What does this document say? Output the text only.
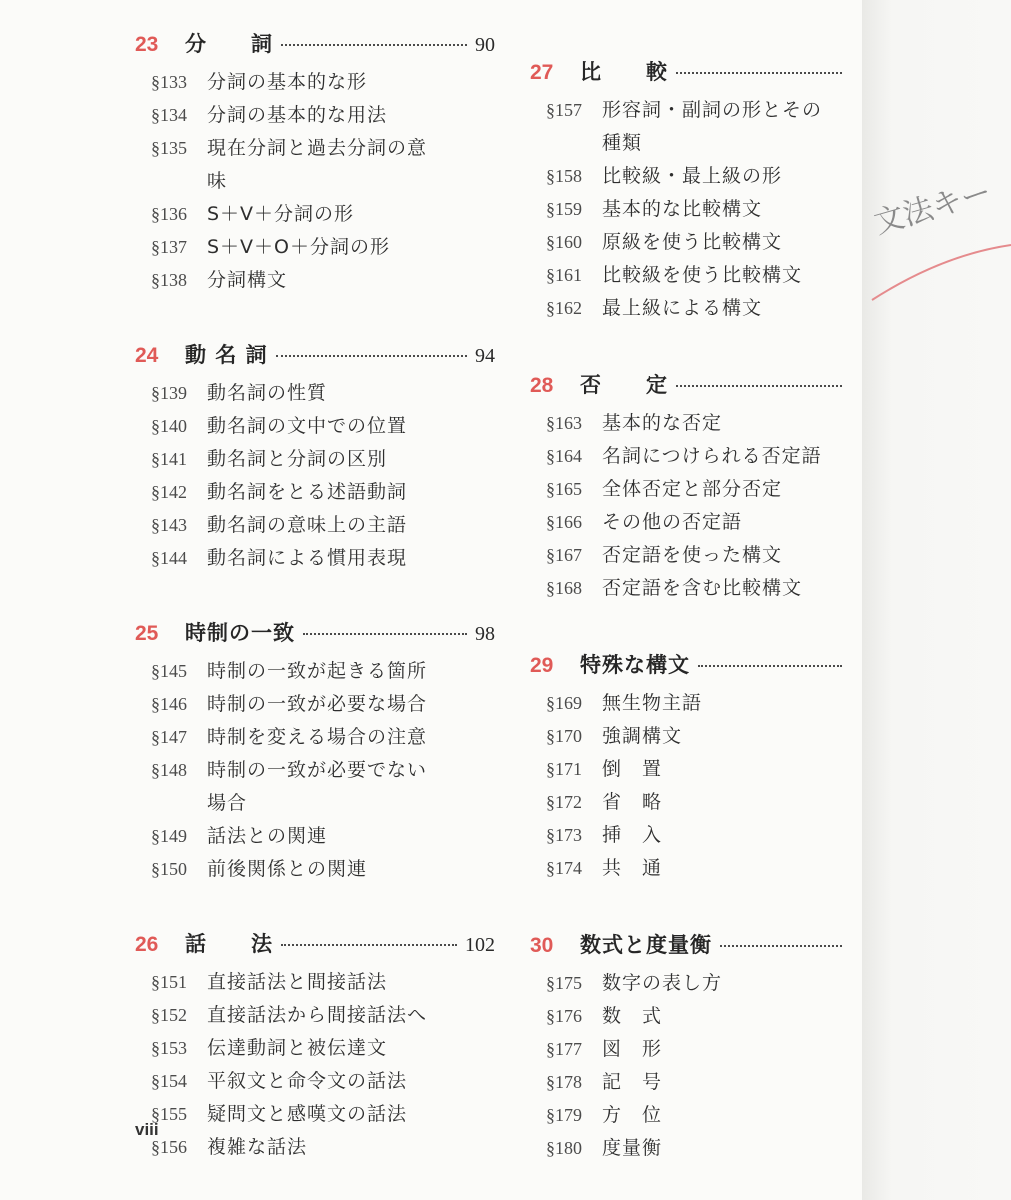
23	分　　詞	90
§133	分詞の基本的な形
§134	分詞の基本的な用法
§135	現在分詞と過去分詞の意
味
§136	S＋V＋分詞の形
§137	S＋V＋O＋分詞の形
§138	分詞構文
24	動 名 詞	94
§139	動名詞の性質
§140	動名詞の文中での位置
§141	動名詞と分詞の区別
§142	動名詞をとる述語動詞
§143	動名詞の意味上の主語
§144	動名詞による慣用表現
25	時制の一致	98
§145	時制の一致が起きる箇所
§146	時制の一致が必要な場合
§147	時制を変える場合の注意
§148	時制の一致が必要でない
場合
§149	話法との関連
§150	前後関係との関連
26	話　　法	102
§151	直接話法と間接話法
§152	直接話法から間接話法へ
§153	伝達動詞と被伝達文
§154	平叙文と命令文の話法
§155	疑問文と感嘆文の話法
§156	複雑な話法
27	比　　較
§157	形容詞・副詞の形とその
種類
§158	比較級・最上級の形
§159	基本的な比較構文
§160	原級を使う比較構文
§161	比較級を使う比較構文
§162	最上級による構文
28	否　　定
§163	基本的な否定
§164	名詞につけられる否定語
§165	全体否定と部分否定
§166	その他の否定語
§167	否定語を使った構文
§168	否定語を含む比較構文
29	特殊な構文
§169	無生物主語
§170	強調構文
§171	倒　置
§172	省　略
§173	挿　入
§174	共　通
30	数式と度量衡
§175	数字の表し方
§176	数　式
§177	図　形
§178	記　号
§179	方　位
§180	度量衡
viii
文法キー
